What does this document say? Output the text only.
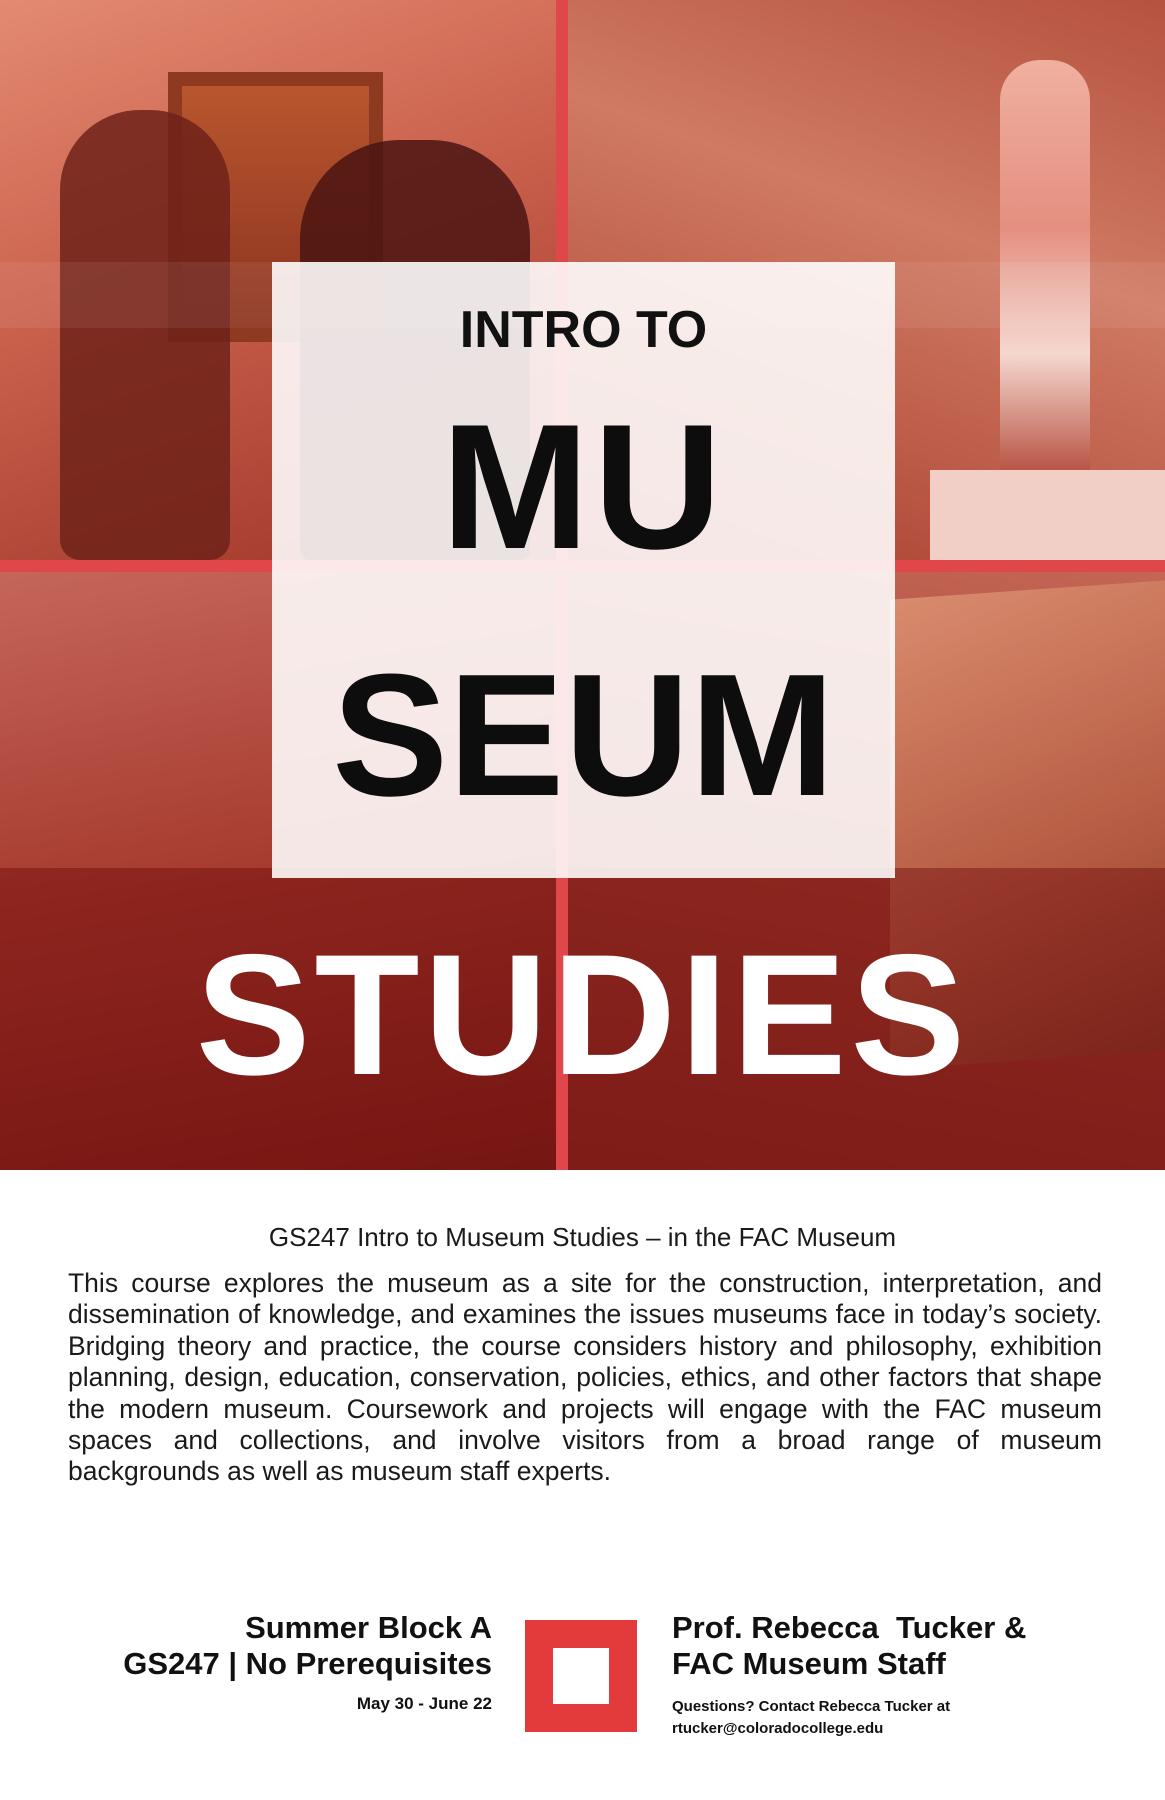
INTRO TO
MU
SEUM
STUDIES
GS247 Intro to Museum Studies – in the FAC Museum
This course explores the museum as a site for the construction, interpretation, and dissemination of knowledge, and examines the issues museums face in today’s society. Bridging theory and practice, the course considers history and philosophy, exhibition planning, design, education, conservation, policies, ethics, and other factors that shape the modern museum. Coursework and projects will engage with the FAC museum spaces and collections, and involve visitors from a broad range of museum backgrounds as well as museum staff experts.
Summer Block A
GS247 | No Prerequisites
May 30 - June 22
Prof. Rebecca  Tucker &
FAC Museum Staff
Questions? Contact Rebecca Tucker at
rtucker@coloradocollege.edu
